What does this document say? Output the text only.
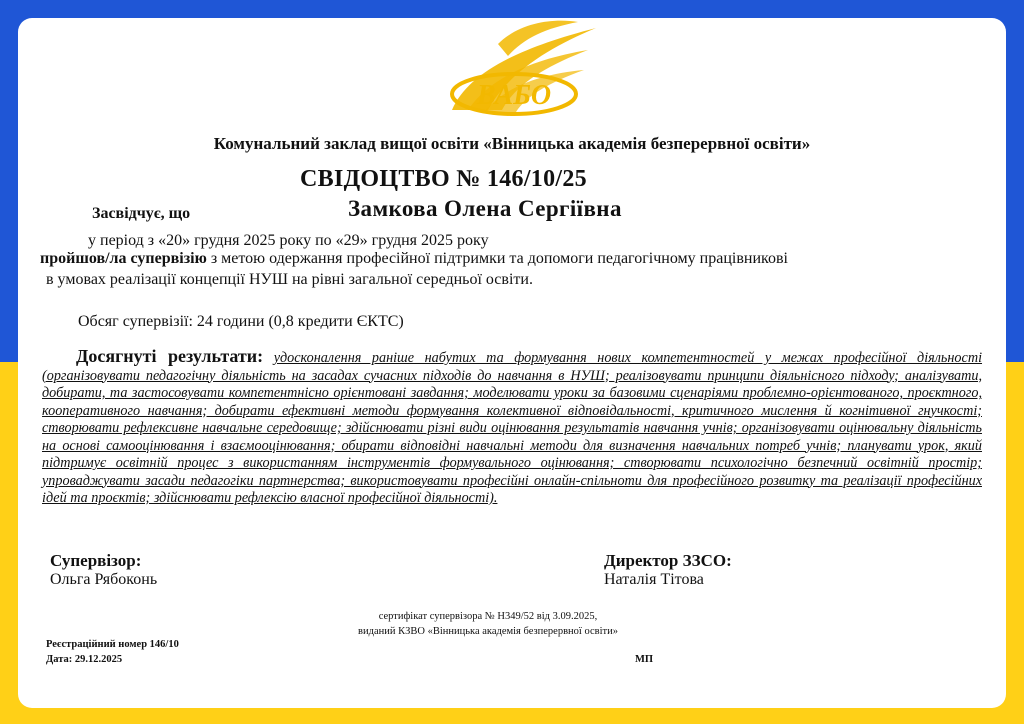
ВАБО
Комунальний заклад вищої освіти «Вінницька академія безперервної освіти»
СВІДОЦТВО № 146/10/25
Засвідчує, що	Замкова Олена Сергіївна
у період з «20» грудня 2025 року по «29» грудня 2025 року
пройшов/ла супервізію з метою одержання професійної підтримки та допомоги педагогічному працівникові
в умовах реалізації концепції НУШ на рівні загальної середньої освіти.
Обсяг супервізії: 24 години (0,8 кредити ЄКТС)
Досягнуті результати: удосконалення раніше набутих та формування нових компетентностей у межах професійної діяльності (організовувати педагогічну діяльність на засадах сучасних підходів до навчання в НУШ; реалізовувати принципи діяльнісного підходу; аналізувати, добирати, та застосовувати компетентнісно орієнтовані завдання; моделювати уроки за базовими сценаріями проблемно-орієнтованого, проєктного, кооперативного навчання; добирати ефективні методи формування колективної відповідальності, критичного мислення й когнітивної гнучкості; створювати рефлексивне навчальне середовище; здійснювати різні види оцінювання результатів навчання учнів; організовувати оцінювальну діяльність на основі самооцінювання і взаємооцінювання; обирати відповідні навчальні методи для визначення навчальних потреб учнів; планувати урок, який підтримує освітній процес з використанням інструментів формувального оцінювання; створювати психологічно безпечний освітній простір; упроваджувати засади педагогіки партнерства; використовувати професійні онлайн-спільноти для професійного розвитку та реалізації професійних ідей та проєктів; здійснювати рефлексію власної професійної діяльності).
Супервізор:
Ольга Рябоконь
Директор ЗЗСО:
Наталія Тітова
сертифікат супервізора № Н349/52 від 3.09.2025,
виданий КЗВО «Вінницька академія безперервної освіти»
Реєстраційний номер 146/10
Дата: 29.12.2025	МП
